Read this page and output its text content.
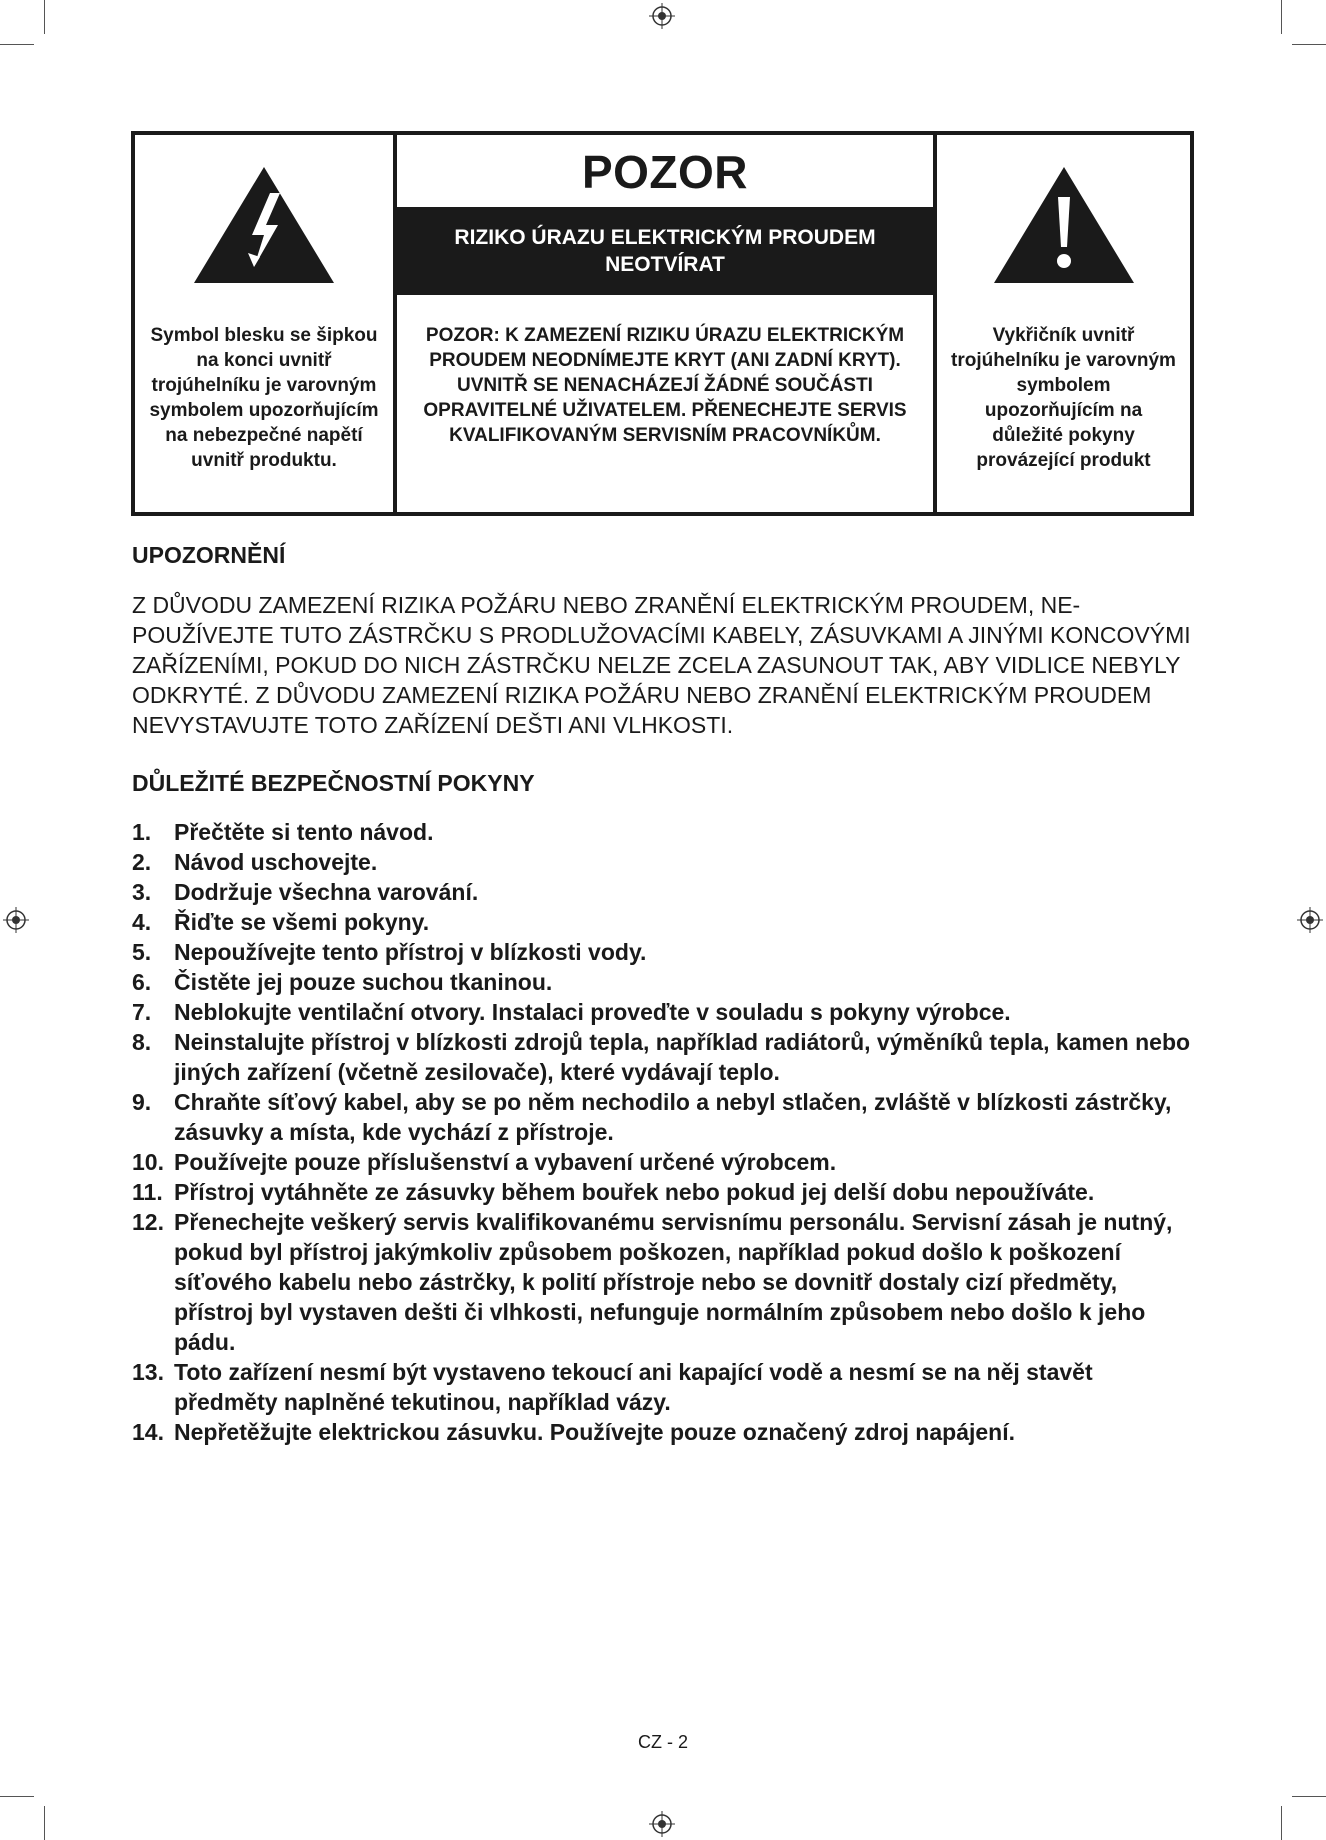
Symbol blesku se šipkou na konci uvnitř trojúhelníku je varovným symbolem upozorňujícím na nebezpečné napětí uvnitř produktu.
POZOR
RIZIKO ÚRAZU ELEKTRICKÝM PROUDEM NEOTVÍRAT
POZOR: K ZAMEZENÍ RIZIKU ÚRAZU ELEKTRICKÝM PROUDEM NEODNÍMEJTE KRYT (ANI ZADNÍ KRYT). UVNITŘ SE NENACHÁZEJÍ ŽÁDNÉ SOUČÁSTI OPRAVITELNÉ UŽIVATELEM. PŘENECHEJTE SERVIS KVALIFIKOVANÝM SERVISNÍM PRACOVNÍKŮM.
Vykřičník uvnitř trojúhelníku je varovným symbolem upozorňujícím na důležité pokyny provázející produkt
UPOZORNĚNÍ
Z DŮVODU ZAMEZENÍ RIZIKA POŽÁRU NEBO ZRANĚNÍ ELEKTRICKÝM PROUDEM, NE-POUŽÍVEJTE TUTO ZÁSTRČKU S PRODLUŽOVACÍMI KABELY, ZÁSUVKAMI A JINÝMI KONCOVÝMI ZAŘÍZENÍMI, POKUD DO NICH ZÁSTRČKU NELZE ZCELA ZASUNOUT TAK, ABY VIDLICE NEBYLY ODKRYTÉ. Z DŮVODU ZAMEZENÍ RIZIKA POŽÁRU NEBO ZRANĚNÍ ELEKTRICKÝM PROUDEM NEVYSTAVUJTE TOTO ZAŘÍZENÍ DEŠTI ANI VLHKOSTI.
DŮLEŽITÉ BEZPEČNOSTNÍ POKYNY
1. Přečtěte si tento návod.
2. Návod uschovejte.
3. Dodržuje všechna varování.
4. Řiďte se všemi pokyny.
5. Nepoužívejte tento přístroj v blízkosti vody.
6. Čistěte jej pouze suchou tkaninou.
7. Neblokujte ventilační otvory. Instalaci proveďte v souladu s pokyny výrobce.
8. Neinstalujte přístroj v blízkosti zdrojů tepla, například radiátorů, výměníků tepla, kamen nebo jiných zařízení (včetně zesilovače), které vydávají teplo.
9. Chraňte síťový kabel, aby se po něm nechodilo a nebyl stlačen, zvláště v blízkosti zástrčky, zásuvky a místa, kde vychází z přístroje.
10. Používejte pouze příslušenství a vybavení určené výrobcem.
11. Přístroj vytáhněte ze zásuvky během bouřek nebo pokud jej delší dobu nepoužíváte.
12. Přenechejte veškerý servis kvalifikovanému servisnímu personálu. Servisní zásah je nutný, pokud byl přístroj jakýmkoliv způsobem poškozen, například pokud došlo k poškození síťového kabelu nebo zástrčky, k polití přístroje nebo se dovnitř dostaly cizí předměty, přístroj byl vystaven dešti či vlhkosti, nefunguje normálním způsobem nebo došlo k jeho pádu.
13. Toto zařízení nesmí být vystaveno tekoucí ani kapající vodě a nesmí se na něj stavět předměty naplněné tekutinou, například vázy.
14. Nepřetěžujte elektrickou zásuvku. Používejte pouze označený zdroj napájení.
CZ - 2
